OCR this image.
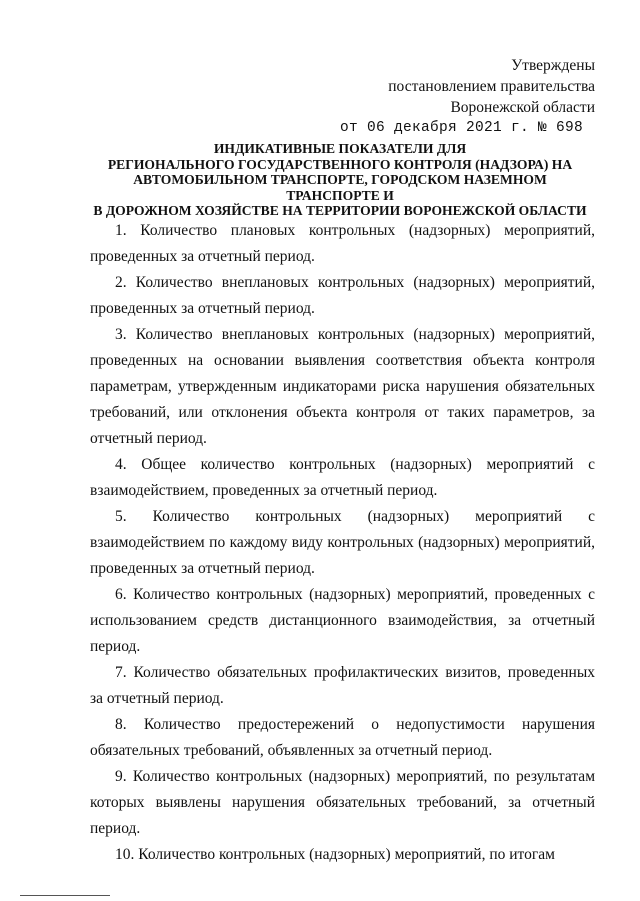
Утверждены
постановлением правительства
Воронежской области
от 06 декабря 2021 г. № 698
ИНДИКАТИВНЫЕ ПОКАЗАТЕЛИ ДЛЯ
РЕГИОНАЛЬНОГО ГОСУДАРСТВЕННОГО КОНТРОЛЯ (НАДЗОРА) НА
АВТОМОБИЛЬНОМ ТРАНСПОРТЕ, ГОРОДСКОМ НАЗЕМНОМ ТРАНСПОРТЕ И
В ДОРОЖНОМ ХОЗЯЙСТВЕ НА ТЕРРИТОРИИ ВОРОНЕЖСКОЙ ОБЛАСТИ

1. Количество плановых контрольных (надзорных) мероприятий, проведенных за отчетный период.

2. Количество внеплановых контрольных (надзорных) мероприятий, проведенных за отчетный период.

3. Количество внеплановых контрольных (надзорных) мероприятий, проведенных на основании выявления соответствия объекта контроля параметрам, утвержденным индикаторами риска нарушения обязательных требований, или отклонения объекта контроля от таких параметров, за отчетный период.

4. Общее количество контрольных (надзорных) мероприятий с взаимодействием, проведенных за отчетный период.

5. Количество контрольных (надзорных) мероприятий с взаимодействием по каждому виду контрольных (надзорных) мероприятий, проведенных за отчетный период.

6. Количество контрольных (надзорных) мероприятий, проведенных с использованием средств дистанционного взаимодействия, за отчетный период.

7. Количество обязательных профилактических визитов, проведенных за отчетный период.

8. Количество предостережений о недопустимости нарушения обязательных требований, объявленных за отчетный период.

9. Количество контрольных (надзорных) мероприятий, по результатам которых выявлены нарушения обязательных требований, за отчетный период.

10. Количество контрольных (надзорных) мероприятий, по итогам
